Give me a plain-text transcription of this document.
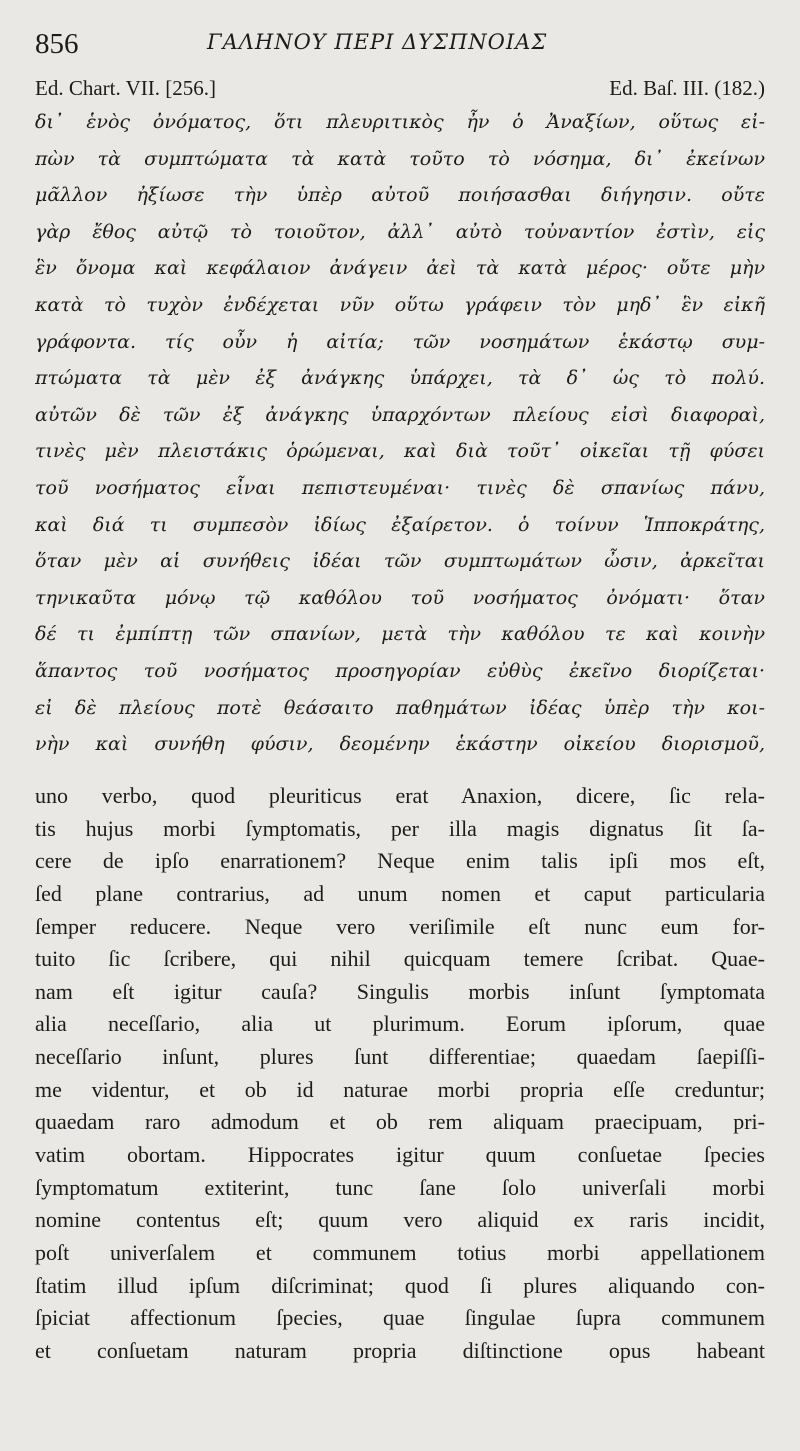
856	ΓΑΛΗΝΟΥ ΠΕΡΙ ΔΥΣΠΝΟΙΑΣ
Ed. Chart. VII. [256.]	Ed. Baſ. III. (182.)
δι᾽ ἑνὸς ὀνόματος, ὅτι πλευριτικὸς ἦν ὁ Ἀναξίων, οὕτως εἰ-
πὼν τὰ συμπτώματα τὰ κατὰ τοῦτο τὸ νόσημα, δι᾽ ἐκείνων
μᾶλλον ἠξίωσε τὴν ὑπὲρ αὐτοῦ ποιήσασθαι διήγησιν. οὔτε
γὰρ ἔθος αὐτῷ τὸ τοιοῦτον, ἀλλ᾽ αὐτὸ τοὐναντίον ἐστὶν, εἰς
ἓν ὄνομα καὶ κεφάλαιον ἀνάγειν ἀεὶ τὰ κατὰ μέρος· οὔτε μὴν
κατὰ τὸ τυχὸν ἐνδέχεται νῦν οὕτω γράφειν τὸν μηδ᾽ ἓν εἰκῆ
γράφοντα. τίς οὖν ἡ αἰτία; τῶν νοσημάτων ἑκάστῳ συμ-
πτώματα τὰ μὲν ἐξ ἀνάγκης ὑπάρχει, τὰ δ᾽ ὡς τὸ πολύ.
αὐτῶν δὲ τῶν ἐξ ἀνάγκης ὑπαρχόντων πλείους εἰσὶ διαφοραὶ,
τινὲς μὲν πλειστάκις ὁρώμεναι, καὶ διὰ τοῦτ᾽ οἰκεῖαι τῇ φύσει
τοῦ νοσήματος εἶναι πεπιστευμέναι· τινὲς δὲ σπανίως πάνυ,
καὶ διά τι συμπεσὸν ἰδίως ἐξαίρετον. ὁ τοίνυν Ἱπποκράτης,
ὅταν μὲν αἱ συνήθεις ἰδέαι τῶν συμπτωμάτων ὦσιν, ἀρκεῖται
τηνικαῦτα μόνῳ τῷ καθόλου τοῦ νοσήματος ὀνόματι· ὅταν
δέ τι ἐμπίπτῃ τῶν σπανίων, μετὰ τὴν καθόλου τε καὶ κοινὴν
ἅπαντος τοῦ νοσήματος προσηγορίαν εὐθὺς ἐκεῖνο διορίζεται·
εἰ δὲ πλείους ποτὲ θεάσαιτο παθημάτων ἰδέας ὑπὲρ τὴν κοι-
νὴν καὶ συνήθη φύσιν, δεομένην ἑκάστην οἰκείου διορισμοῦ,
uno verbo, quod pleuriticus erat Anaxion, dicere, ſic rela-
tis hujus morbi ſymptomatis, per illa magis dignatus ſit ſa-
cere de ipſo enarrationem? Neque enim talis ipſi mos eſt,
ſed plane contrarius, ad unum nomen et caput particularia
ſemper reducere. Neque vero veriſimile eſt nunc eum for-
tuito ſic ſcribere, qui nihil quicquam temere ſcribat. Quae-
nam eſt igitur cauſa? Singulis morbis inſunt ſymptomata
alia neceſſario, alia ut plurimum. Eorum ipſorum, quae
neceſſario inſunt, plures ſunt differentiae; quaedam ſaepiſſi-
me videntur, et ob id naturae morbi propria eſſe creduntur;
quaedam raro admodum et ob rem aliquam praecipuam, pri-
vatim obortam. Hippocrates igitur quum conſuetae ſpecies
ſymptomatum extiterint, tunc ſane ſolo univerſali morbi
nomine contentus eſt; quum vero aliquid ex raris incidit,
poſt univerſalem et communem totius morbi appellationem
ſtatim illud ipſum diſcriminat; quod ſi plures aliquando con-
ſpiciat affectionum ſpecies, quae ſingulae ſupra communem
et conſuetam naturam propria diſtinctione opus habeant
